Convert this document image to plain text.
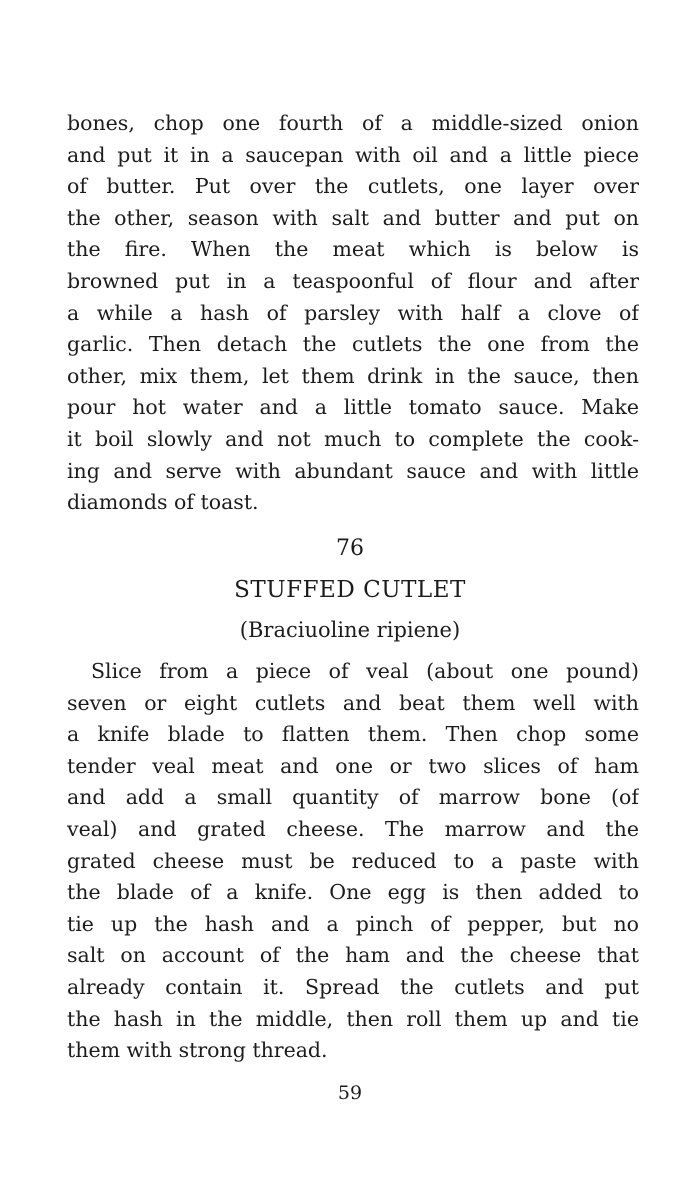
bones, chop one fourth of a middle-sized onion
and put it in a saucepan with oil and a little piece
of butter. Put over the cutlets, one layer over
the other, season with salt and butter and put on
the fire. When the meat which is below is
browned put in a teaspoonful of flour and after
a while a hash of parsley with half a clove of
garlic. Then detach the cutlets the one from the
other, mix them, let them drink in the sauce, then
pour hot water and a little tomato sauce. Make
it boil slowly and not much to complete the cook-
ing and serve with abundant sauce and with little
diamonds of toast.
76
STUFFED CUTLET
(Braciuoline ripiene)
Slice from a piece of veal (about one pound)
seven or eight cutlets and beat them well with
a knife blade to flatten them. Then chop some
tender veal meat and one or two slices of ham
and add a small quantity of marrow bone (of
veal) and grated cheese. The marrow and the
grated cheese must be reduced to a paste with
the blade of a knife. One egg is then added to
tie up the hash and a pinch of pepper, but no
salt on account of the ham and the cheese that
already contain it. Spread the cutlets and put
the hash in the middle, then roll them up and tie
them with strong thread.
59
